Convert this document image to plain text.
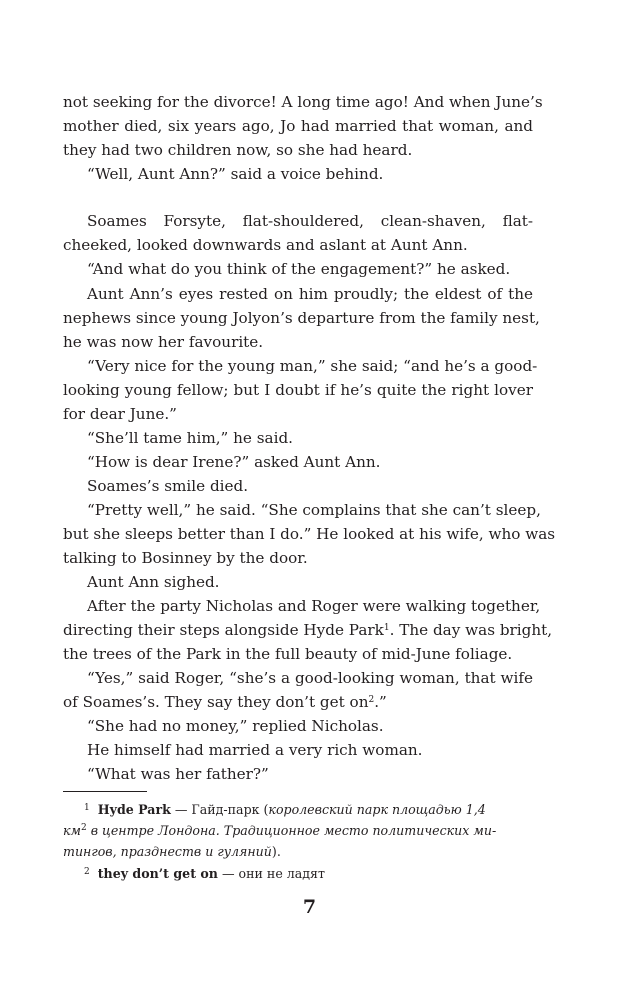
not seeking for the divorce! A long time ago! And when June’s
mother died, six years ago, Jo had married that woman, and
they had two children now, so she had heard.
“Well, Aunt Ann?” said a voice behind.
Soames Forsyte, flat-shouldered, clean-shaven, flat-
cheeked, looked downwards and aslant at Aunt Ann.
“And what do you think of the engagement?” he asked.
Aunt Ann’s eyes rested on him proudly; the eldest of the
nephews since young Jolyon’s departure from the family nest,
he was now her favourite.
“Very nice for the young man,” she said; “and he’s a good-
looking young fellow; but I doubt if he’s quite the right lover
for dear June.”
“She’ll tame him,” he said.
“How is dear Irene?” asked Aunt Ann.
Soames’s smile died.
“Pretty well,” he said. “She complains that she can’t sleep,
but she sleeps better than I do.” He looked at his wife, who was
talking to Bosinney by the door.
Aunt Ann sighed.
After the party Nicholas and Roger were walking together,
directing their steps alongside Hyde Park$^1$. The day was bright,
the trees of the Park in the full beauty of mid-June foliage.
“Yes,” said Roger, “she’s a good-looking woman, that wife
of Soames’s. They say they don’t get $on^2$.”
“She had no money,” replied Nicholas.
He himself had married a very rich woman.
“What was her father?”
$^1$ Hyde Park — Гайд-парк (королевский парк площадью 1,4
$км^2$ в центре Лондона. Традиционное место политических ми-
тингов, празднеств и гуляний).
$^2$ they don’t get on — они не ладят
7
